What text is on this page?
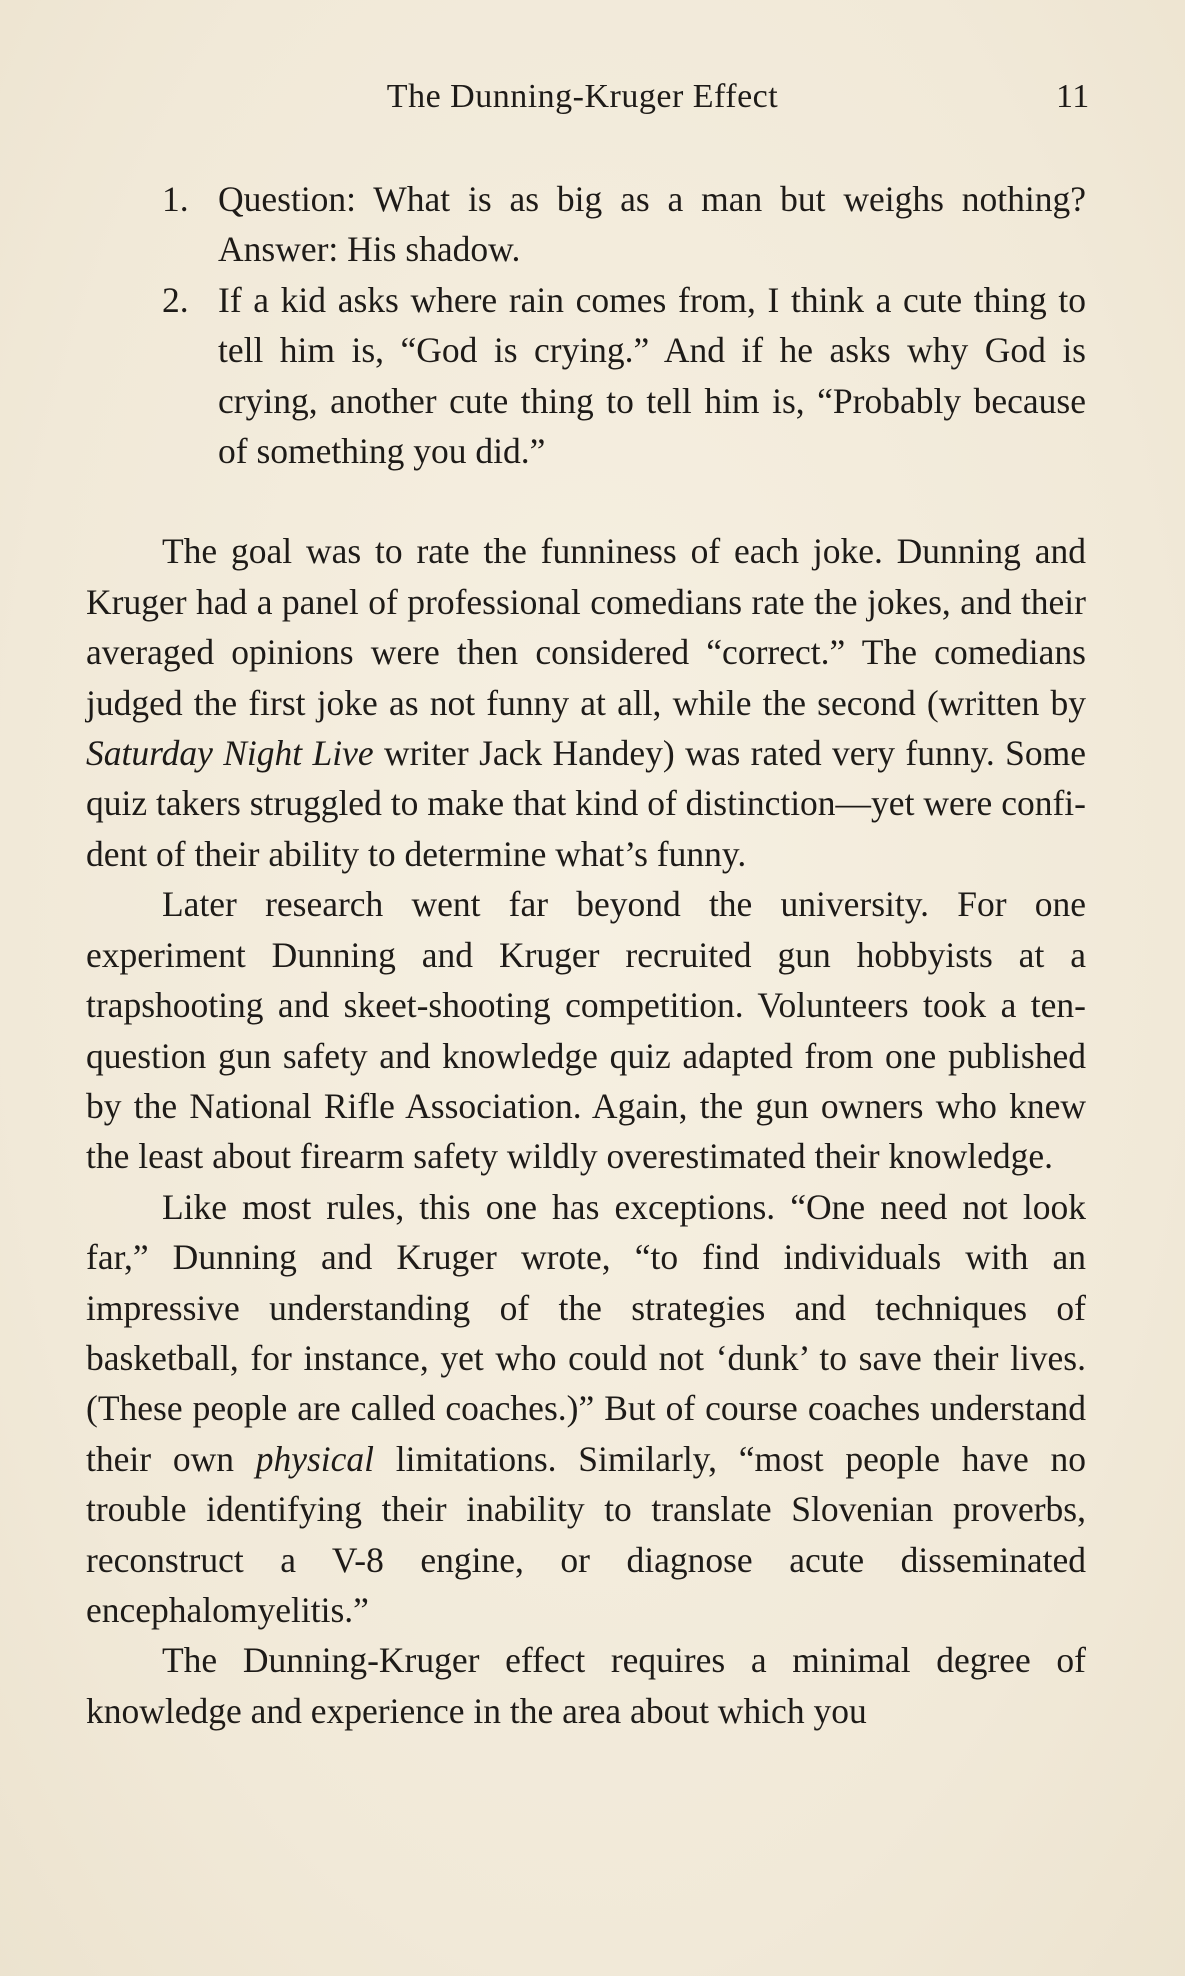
The Dunning-Kruger Effect	11
1. Question: What is as big as a man but weighs nothing? Answer: His shadow.
2. If a kid asks where rain comes from, I think a cute thing to tell him is, “God is crying.” And if he asks why God is crying, another cute thing to tell him is, “Probably because of something you did.”

The goal was to rate the funniness of each joke. Dunning and Kruger had a panel of professional comedians rate the jokes, and their averaged opinions were then considered “correct.” The comedians judged the first joke as not funny at all, while the second (written by Saturday Night Live writer Jack Handey) was rated very funny. Some quiz takers struggled to make that kind of distinction—yet were confident of their ability to determine what’s funny.

Later research went far beyond the university. For one experiment Dunning and Kruger recruited gun hobbyists at a trapshooting and skeet-shooting competition. Volunteers took a ten-question gun safety and knowledge quiz adapted from one published by the National Rifle Association. Again, the gun owners who knew the least about firearm safety wildly overestimated their knowledge.

Like most rules, this one has exceptions. “One need not look far,” Dunning and Kruger wrote, “to find individuals with an impressive understanding of the strategies and techniques of basketball, for instance, yet who could not ‘dunk’ to save their lives. (These people are called coaches.)” But of course coaches understand their own physical limitations. Similarly, “most people have no trouble identifying their inability to translate Slovenian proverbs, reconstruct a V-8 engine, or diagnose acute disseminated encephalomyelitis.”

The Dunning-Kruger effect requires a minimal degree of knowledge and experience in the area about which you
